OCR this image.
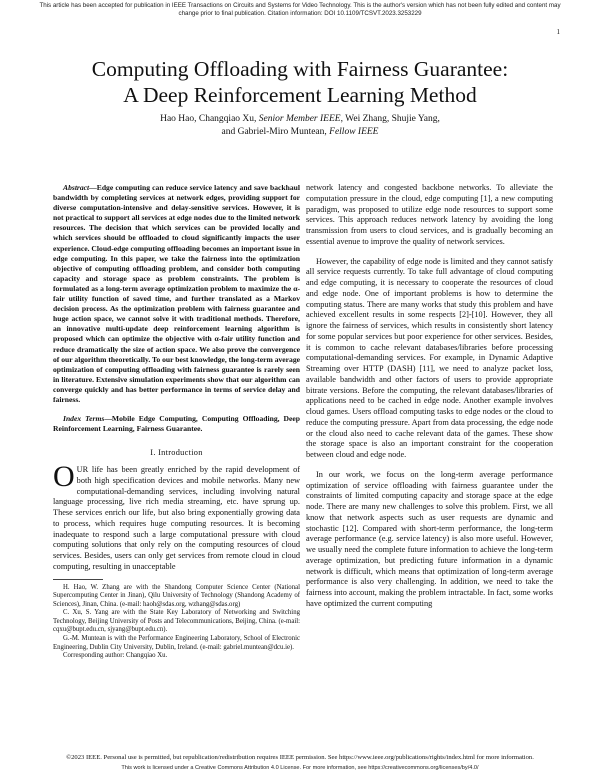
This article has been accepted for publication in IEEE Transactions on Circuits and Systems for Video Technology. This is the author's version which has not been fully edited and content may change prior to final publication. Citation information: DOI 10.1109/TCSVT.2023.3253229
1
Computing Offloading with Fairness Guarantee:
A Deep Reinforcement Learning Method
Hao Hao, Changqiao Xu, Senior Member IEEE, Wei Zhang, Shujie Yang,
and Gabriel-Miro Muntean, Fellow IEEE

Abstract—Edge computing can reduce service latency and save backhaul bandwidth by completing services at network edges, providing support for diverse computation-intensive and delay-sensitive services. However, it is not practical to support all services at edge nodes due to the limited network resources. The decision that which services can be provided locally and which services should be offloaded to cloud significantly impacts the user experience. Cloud-edge computing offloading becomes an important issue in edge computing. In this paper, we take the fairness into the optimization objective of computing offloading problem, and consider both computing capacity and storage space as problem constraints. The problem is formulated as a long-term average optimization problem to maximize the α-fair utility function of saved time, and further translated as a Markov decision process. As the optimization problem with fairness guarantee and huge action space, we cannot solve it with traditional methods. Therefore, an innovative multi-update deep reinforcement learning algorithm is proposed which can optimize the objective with α-fair utility function and reduce dramatically the size of action space. We also prove the convergence of our algorithm theoretically. To our best knowledge, the long-term average optimization of computing offloading with fairness guarantee is rarely seen in literature. Extensive simulation experiments show that our algorithm can converge quickly and has better performance in terms of service delay and fairness.

Index Terms—Mobile Edge Computing, Computing Offloading, Deep Reinforcement Learning, Fairness Guarantee.

I. Introduction

OUR life has been greatly enriched by the rapid development of both high specification devices and mobile networks. Many new computational-demanding services, including involving natural language processing, live rich media streaming, etc. have sprung up. These services enrich our life, but also bring exponentially growing data to process, which requires huge computing resources. It is becoming inadequate to respond such a large computational pressure with cloud computing solutions that only rely on the computing resources of cloud services. Besides, users can only get services from remote cloud in cloud computing, resulting in unacceptable

H. Hao, W. Zhang are with the Shandong Computer Science Center (National Supercomputing Center in Jinan), Qilu University of Technology (Shandong Academy of Sciences), Jinan, China. (e-mail: haoh@sdas.org, wzhang@sdas.org)

C. Xu, S. Yang are with the State Key Laboratory of Networking and Switching Technology, Beijing University of Posts and Telecommunications, Beijing, China. (e-mail: cqxu@bupt.edu.cn, sjyang@bupt.edu.cn).

G.-M. Muntean is with the Performance Engineering Laboratory, School of Electronic Engineering, Dublin City University, Dublin, Ireland. (e-mail: gabriel.muntean@dcu.ie).

Corresponding author: Changqiao Xu.

network latency and congested backbone networks. To alleviate the computation pressure in the cloud, edge computing [1], a new computing paradigm, was proposed to utilize edge node resources to support some services. This approach reduces network latency by avoiding the long transmission from users to cloud services, and is gradually becoming an essential avenue to improve the quality of network services.

However, the capability of edge node is limited and they cannot satisfy all service requests currently. To take full advantage of cloud computing and edge computing, it is necessary to cooperate the resources of cloud and edge node. One of important problems is how to determine the computing status. There are many works that study this problem and have achieved excellent results in some respects [2]-[10]. However, they all ignore the fairness of services, which results in consistently short latency for some popular services but poor experience for other services. Besides, it is common to cache relevant databases/libraries before processing computational-demanding services. For example, in Dynamic Adaptive Streaming over HTTP (DASH) [11], we need to analyze packet loss, available bandwidth and other factors of users to provide appropriate bitrate versions. Before the computing, the relevant databases/libraries of applications need to be cached in edge node. Another example involves cloud games. Users offload computing tasks to edge nodes or the cloud to reduce the computing pressure. Apart from data processing, the edge node or the cloud also need to cache relevant data of the games. These show the storage space is also an important constraint for the cooperation between cloud and edge node.

In our work, we focus on the long-term average performance optimization of service offloading with fairness guarantee under the constraints of limited computing capacity and storage space at the edge node. There are many new challenges to solve this problem. First, we all know that network aspects such as user requests are dynamic and stochastic [12]. Compared with short-term performance, the long-term average performance (e.g. service latency) is also more useful. However, we usually need the complete future information to achieve the long-term average optimization, but predicting future information in a dynamic network is difficult, which means that optimization of long-term average performance is also very challenging. In addition, we need to take the fairness into account, making the problem intractable. In fact, some works have optimized the current computing

©2023 IEEE. Personal use is permitted, but republication/redistribution requires IEEE permission. See https://www.ieee.org/publications/rights/index.html for more information.
This work is licensed under a Creative Commons Attribution 4.0 License. For more information, see https://creativecommons.org/licenses/by/4.0/
